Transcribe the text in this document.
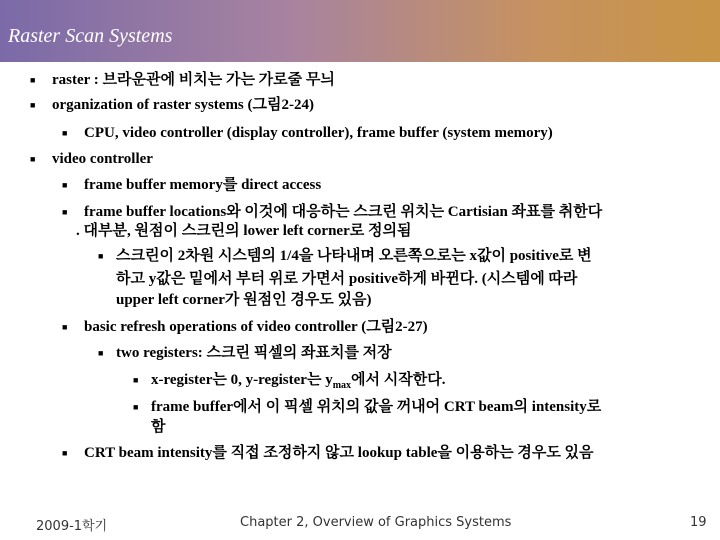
Raster Scan Systems
■ raster : 브라운관에 비치는 가는 가로줄 무늬
■ organization of raster systems (그림2-24)
■ CPU, video controller (display controller), frame buffer (system memory)
■ video controller
■ frame buffer memory를 direct access
■ frame buffer locations와 이것에 대응하는 스크린 위치는 Cartisian 좌표를 취한다
. 대부분, 원점이 스크린의 lower left corner로 정의됨
■ 스크린이 2차원 시스템의 1/4을 나타내며 오른쪽으로는 x값이 positive로 변
하고 y값은 밑에서 부터 위로 가면서 positive하게 바뀐다. (시스템에 따라
upper left corner가 원점인 경우도 있음)
■ basic refresh operations of video controller (그림2-27)
■ two registers: 스크린 픽셀의 좌표치를 저장
■ x-register는 0, y-register는 $y_{max}$에서 시작한다.
■ frame buffer에서 이 픽셀 위치의 값을 꺼내어 CRT beam의 intensity로
함
■ CRT beam intensity를 직접 조정하지 않고 lookup table을 이용하는 경우도 있음
2009-1학기	Chapter 2, Overview of Graphics Systems	19
